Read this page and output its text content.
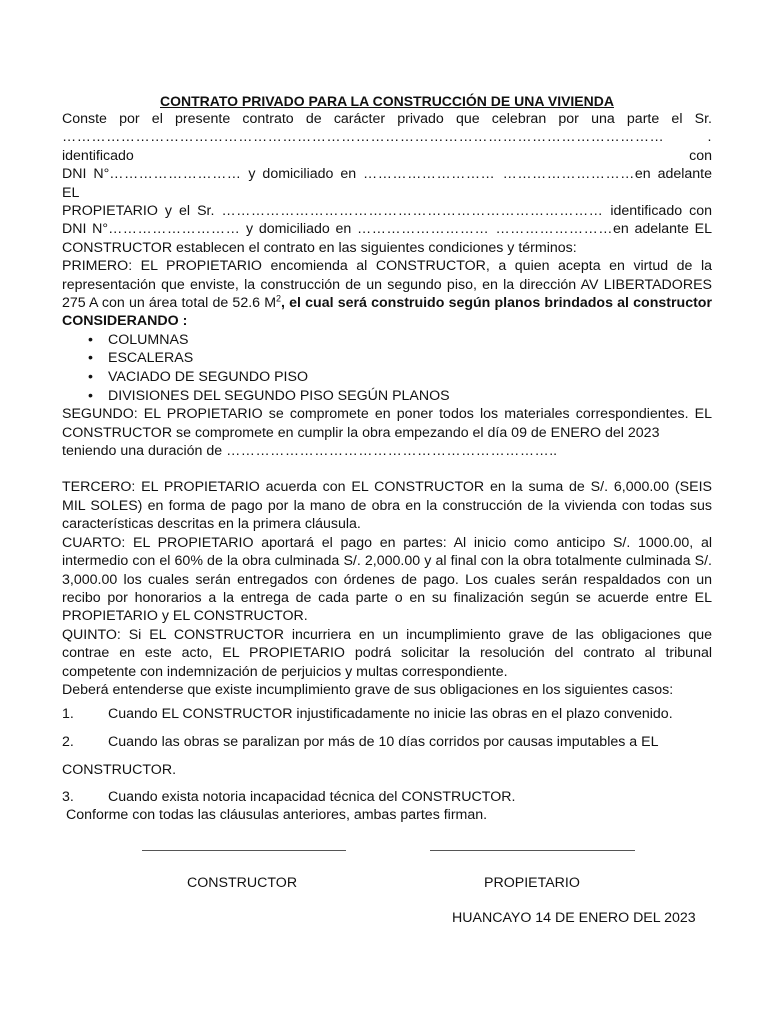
CONTRATO PRIVADO PARA LA CONSTRUCCIÓN DE UNA VIVIENDA
Conste por el presente contrato de carácter privado que celebran por una parte el Sr.
…………………………………………………………………………………………………………… . identificado con
DNI N°……………………… y domiciliado en ……………………… ………………………en adelante EL
PROPIETARIO y el Sr. …………………………………………………………………… identificado con
DNI N°……………………… y domiciliado en ……………………… ……………………en adelante EL
CONSTRUCTOR establecen el contrato en las siguientes condiciones y términos:
PRIMERO: EL PROPIETARIO encomienda al CONSTRUCTOR, a quien acepta en virtud de la representación que enviste, la construcción de un segundo piso, en la dirección AV LIBERTADORES 275 A con un área total de 52.6 $M^2$, el cual será construido según planos brindados al constructor CONSIDERANDO :
• COLUMNAS
• ESCALERAS
• VACIADO DE SEGUNDO PISO
• DIVISIONES DEL SEGUNDO PISO SEGÚN PLANOS
SEGUNDO: EL PROPIETARIO se compromete en poner todos los materiales correspondientes. EL CONSTRUCTOR se compromete en cumplir la obra empezando el día 09 de ENERO del 2023
teniendo una duración de …………………………………………………………..
TERCERO: EL PROPIETARIO acuerda con EL CONSTRUCTOR en la suma de S/. 6,000.00 (SEIS MIL SOLES) en forma de pago por la mano de obra en la construcción de la vivienda con todas sus características descritas en la primera cláusula.
CUARTO: EL PROPIETARIO aportará el pago en partes: Al inicio como anticipo S/. 1000.00, al intermedio con el 60% de la obra culminada S/. 2,000.00 y al final con la obra totalmente culminada S/. 3,000.00 los cuales serán entregados con órdenes de pago. Los cuales serán respaldados con un recibo por honorarios a la entrega de cada parte o en su finalización según se acuerde entre EL PROPIETARIO y EL CONSTRUCTOR.
QUINTO: Si EL CONSTRUCTOR incurriera en un incumplimiento grave de las obligaciones que contrae en este acto, EL PROPIETARIO podrá solicitar la resolución del contrato al tribunal competente con indemnización de perjuicios y multas correspondiente.
Deberá entenderse que existe incumplimiento grave de sus obligaciones en los siguientes casos:
1.	Cuando EL CONSTRUCTOR injustificadamente no inicie las obras en el plazo convenido.
2.	Cuando las obras se paralizan por más de 10 días corridos por causas imputables a EL
CONSTRUCTOR.
3.	Cuando exista notoria incapacidad técnica del CONSTRUCTOR.
Conforme con todas las cláusulas anteriores, ambas partes firman.
CONSTRUCTOR	PROPIETARIO
HUANCAYO 14 DE ENERO DEL 2023
